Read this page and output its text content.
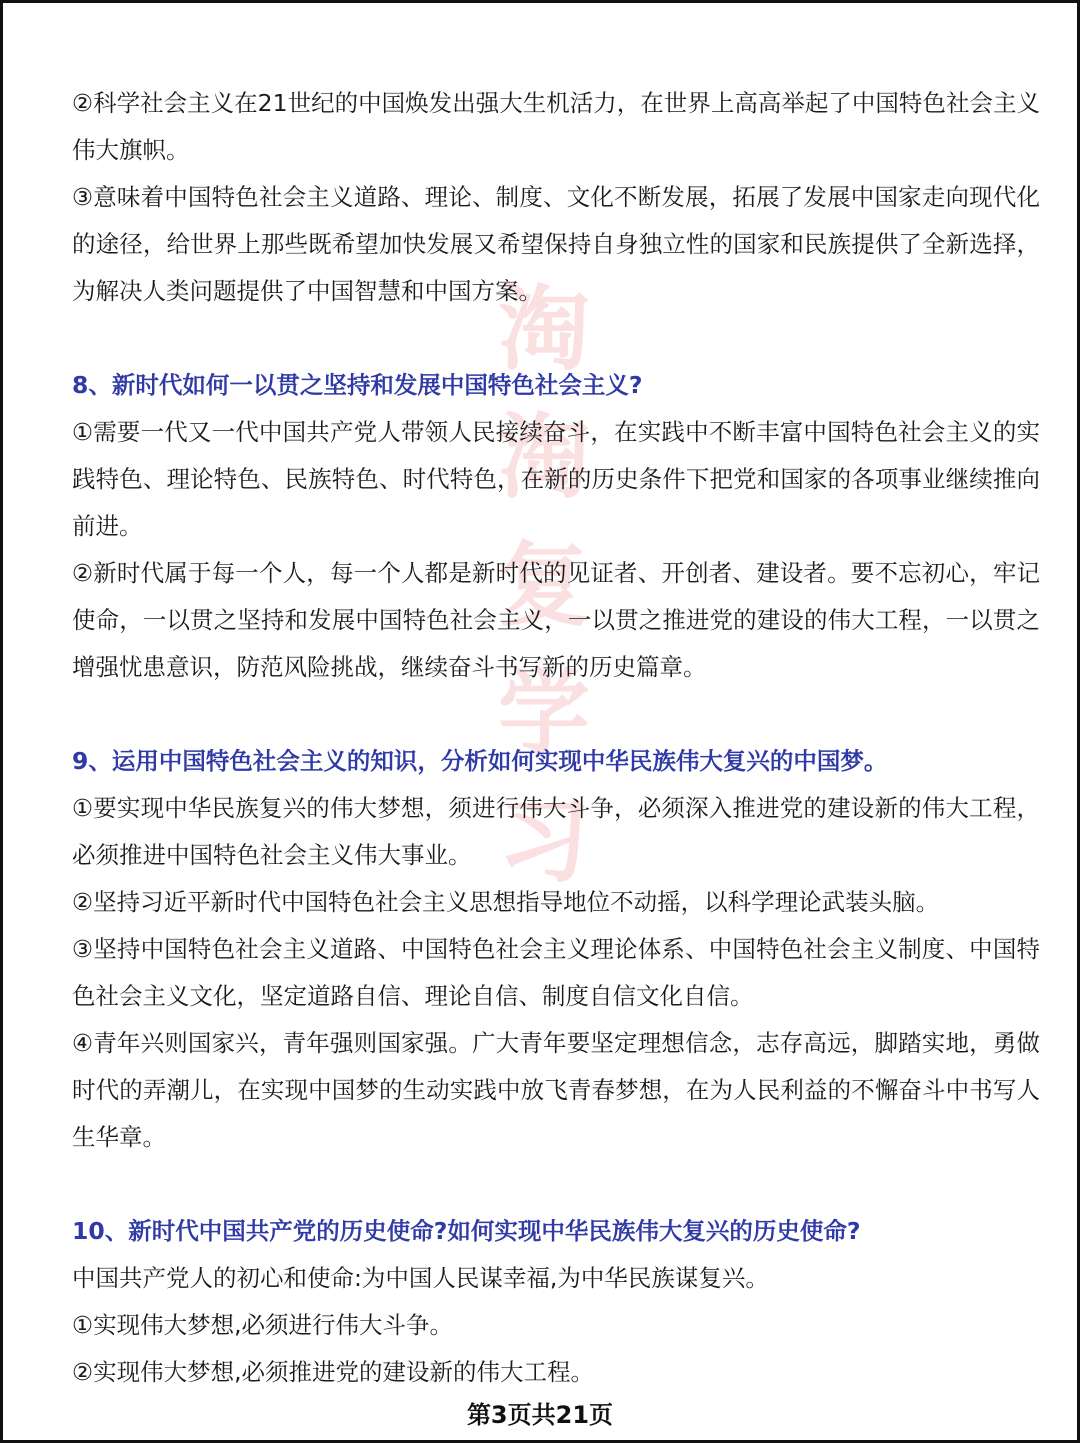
②科学社会主义在21世纪的中国焕发出强大生机活力，在世界上高高举起了中国特色社会主义伟大旗帜。

③意味着中国特色社会主义道路、理论、制度、文化不断发展，拓展了发展中国家走向现代化的途径，给世界上那些既希望加快发展又希望保持自身独立性的国家和民族提供了全新选择，为解决人类问题提供了中国智慧和中国方案。

8、新时代如何一以贯之坚持和发展中国特色社会主义?

①需要一代又一代中国共产党人带领人民接续奋斗，在实践中不断丰富中国特色社会主义的实践特色、理论特色、民族特色、时代特色，在新的历史条件下把党和国家的各项事业继续推向前进。

②新时代属于每一个人，每一个人都是新时代的见证者、开创者、建设者。要不忘初心，牢记使命，一以贯之坚持和发展中国特色社会主义，一以贯之推进党的建设的伟大工程，一以贯之增强忧患意识，防范风险挑战，继续奋斗书写新的历史篇章。

9、运用中国特色社会主义的知识，分析如何实现中华民族伟大复兴的中国梦。

①要实现中华民族复兴的伟大梦想，须进行伟大斗争，必须深入推进党的建设新的伟大工程，必须推进中国特色社会主义伟大事业。

②坚持习近平新时代中国特色社会主义思想指导地位不动摇，以科学理论武装头脑。

③坚持中国特色社会主义道路、中国特色社会主义理论体系、中国特色社会主义制度、中国特色社会主义文化，坚定道路自信、理论自信、制度自信文化自信。

④青年兴则国家兴，青年强则国家强。广大青年要坚定理想信念，志存高远，脚踏实地，勇做时代的弄潮儿，在实现中国梦的生动实践中放飞青春梦想，在为人民利益的不懈奋斗中书写人生华章。

10、新时代中国共产党的历史使命?如何实现中华民族伟大复兴的历史使命?

中国共产党人的初心和使命:为中国人民谋幸福,为中华民族谋复兴。

①实现伟大梦想,必须进行伟大斗争。

②实现伟大梦想,必须推进党的建设新的伟大工程。

第3页共21页
